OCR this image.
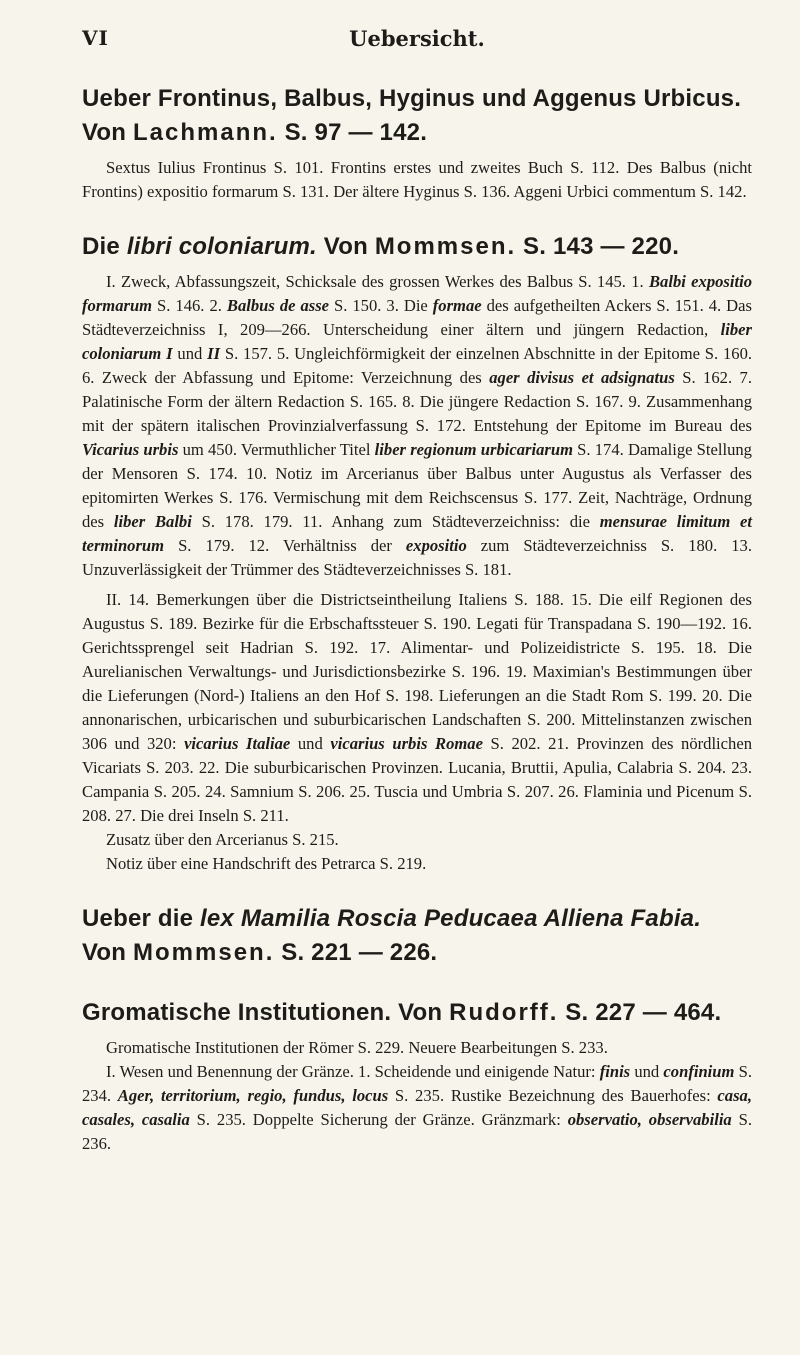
VI	Uebersicht.
Ueber Frontinus, Balbus, Hyginus und Aggenus Urbicus.
Von Lachmann. S. 97 — 142.

Sextus Iulius Frontinus S. 101. Frontins erstes und zweites Buch S. 112. Des Balbus (nicht Frontins) expositio formarum S. 131. Der ältere Hyginus S. 136. Aggeni Urbici commentum S. 142.

Die libri coloniarum. Von Mommsen. S. 143 — 220.

I. Zweck, Abfassungszeit, Schicksale des grossen Werkes des Balbus S. 145. 1. Balbi expositio formarum S. 146. 2. Balbus de asse S. 150. 3. Die formae des aufgetheilten Ackers S. 151. 4. Das Städteverzeichniss I, 209—266. Unterscheidung einer ältern und jüngern Redaction, liber coloniarum I und II S. 157. 5. Ungleichförmigkeit der einzelnen Abschnitte in der Epitome S. 160. 6. Zweck der Abfassung und Epitome: Verzeichnung des ager divisus et adsignatus S. 162. 7. Palatinische Form der ältern Redaction S. 165. 8. Die jüngere Redaction S. 167. 9. Zusammenhang mit der spätern italischen Provinzialverfassung S. 172. Entstehung der Epitome im Bureau des Vicarius urbis um 450. Vermuthlicher Titel liber regionum urbicariarum S. 174. Damalige Stellung der Mensoren S. 174. 10. Notiz im Arcerianus über Balbus unter Augustus als Verfasser des epitomirten Werkes S. 176. Vermischung mit dem Reichscensus S. 177. Zeit, Nachträge, Ordnung des liber Balbi S. 178. 179. 11. Anhang zum Städteverzeichniss: die mensurae limitum et terminorum S. 179. 12. Verhältniss der expositio zum Städteverzeichniss S. 180. 13. Unzuverlässigkeit der Trümmer des Städteverzeichnisses S. 181.

II. 14. Bemerkungen über die Districtseintheilung Italiens S. 188. 15. Die eilf Regionen des Augustus S. 189. Bezirke für die Erbschaftssteuer S. 190. Legati für Transpadana S. 190—192. 16. Gerichtssprengel seit Hadrian S. 192. 17. Alimentar- und Polizeidistricte S. 195. 18. Die Aurelianischen Verwaltungs- und Jurisdictionsbezirke S. 196. 19. Maximian's Bestimmungen über die Lieferungen (Nord-) Italiens an den Hof S. 198. Lieferungen an die Stadt Rom S. 199. 20. Die annonarischen, urbicarischen und suburbicarischen Landschaften S. 200. Mittelinstanzen zwischen 306 und 320: vicarius Italiae und vicarius urbis Romae S. 202. 21. Provinzen des nördlichen Vicariats S. 203. 22. Die suburbicarischen Provinzen. Lucania, Bruttii, Apulia, Calabria S. 204. 23. Campania S. 205. 24. Samnium S. 206. 25. Tuscia und Umbria S. 207. 26. Flaminia und Picenum S. 208. 27. Die drei Inseln S. 211.

Zusatz über den Arcerianus S. 215.

Notiz über eine Handschrift des Petrarca S. 219.

Ueber die lex Mamilia Roscia Peducaea Alliena Fabia.
Von Mommsen. S. 221 — 226.
Gromatische Institutionen. Von Rudorff. S. 227 — 464.

Gromatische Institutionen der Römer S. 229. Neuere Bearbeitungen S. 233.

I. Wesen und Benennung der Gränze. 1. Scheidende und einigende Natur: finis und confinium S. 234. Ager, territorium, regio, fundus, locus S. 235. Rustike Bezeichnung des Bauerhofes: casa, casales, casalia S. 235. Doppelte Sicherung der Gränze. Gränzmark: observatio, observabilia S. 236.
